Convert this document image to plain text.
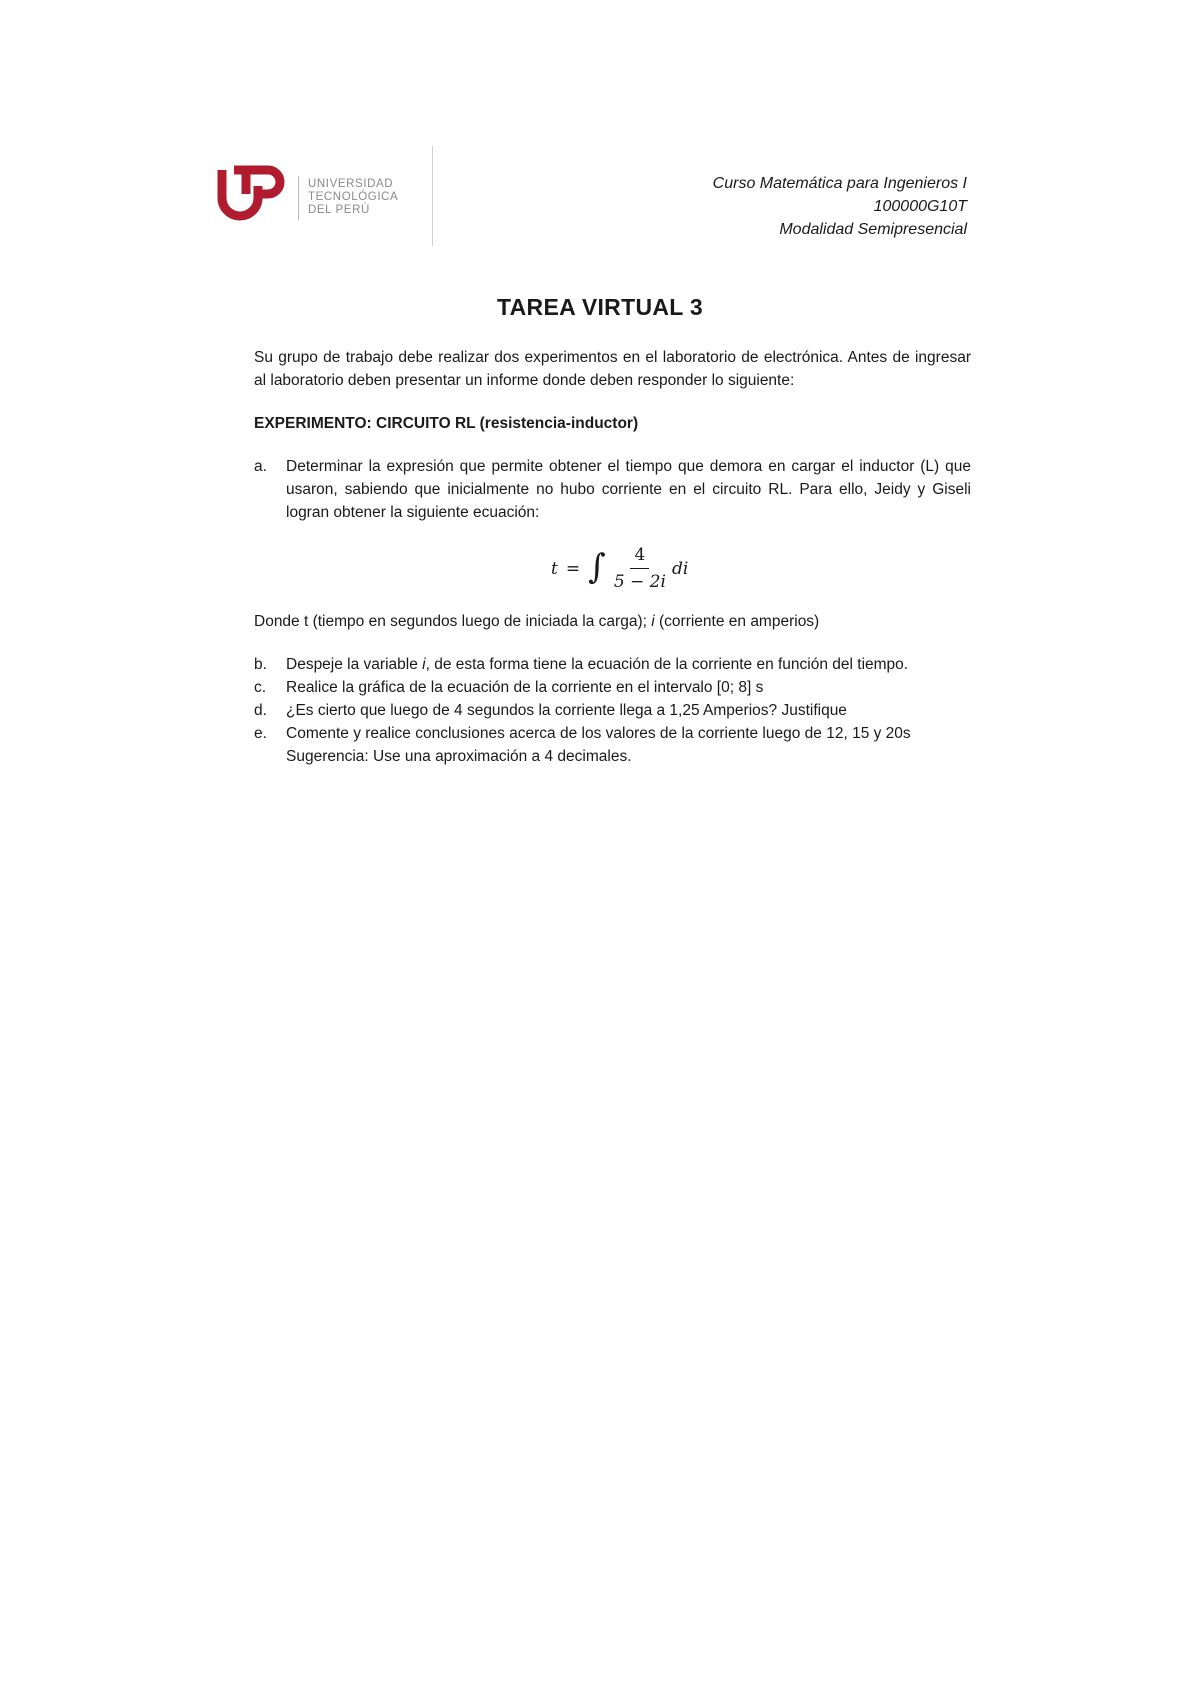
UNIVERSIDAD
TECNOLÓGICA
DEL PERÚ
Curso Matemática para Ingenieros I
100000G10T
Modalidad Semipresencial
TAREA VIRTUAL 3

Su grupo de trabajo debe realizar dos experimentos en el laboratorio de electrónica. Antes de ingresar al laboratorio deben presentar un informe donde deben responder lo siguiente:

EXPERIMENTO: CIRCUITO RL (resistencia-inductor)

a. Determinar la expresión que permite obtener el tiempo que demora en cargar el inductor (L) que usaron, sabiendo que inicialmente no hubo corriente en el circuito RL. Para ello, Jeidy y Giseli logran obtener la siguiente ecuación:

t = ∫ $\frac{4}{5 - 2i}$ di

Donde t (tiempo en segundos luego de iniciada la carga); i (corriente en amperios)

b. Despeje la variable i, de esta forma tiene la ecuación de la corriente en función del tiempo.

c. Realice la gráfica de la ecuación de la corriente en el intervalo [0; 8] s

d. ¿Es cierto que luego de 4 segundos la corriente llega a 1,25 Amperios? Justifique

e. Comente y realice conclusiones acerca de los valores de la corriente luego de 12, 15 y 20s
Sugerencia: Use una aproximación a 4 decimales.
